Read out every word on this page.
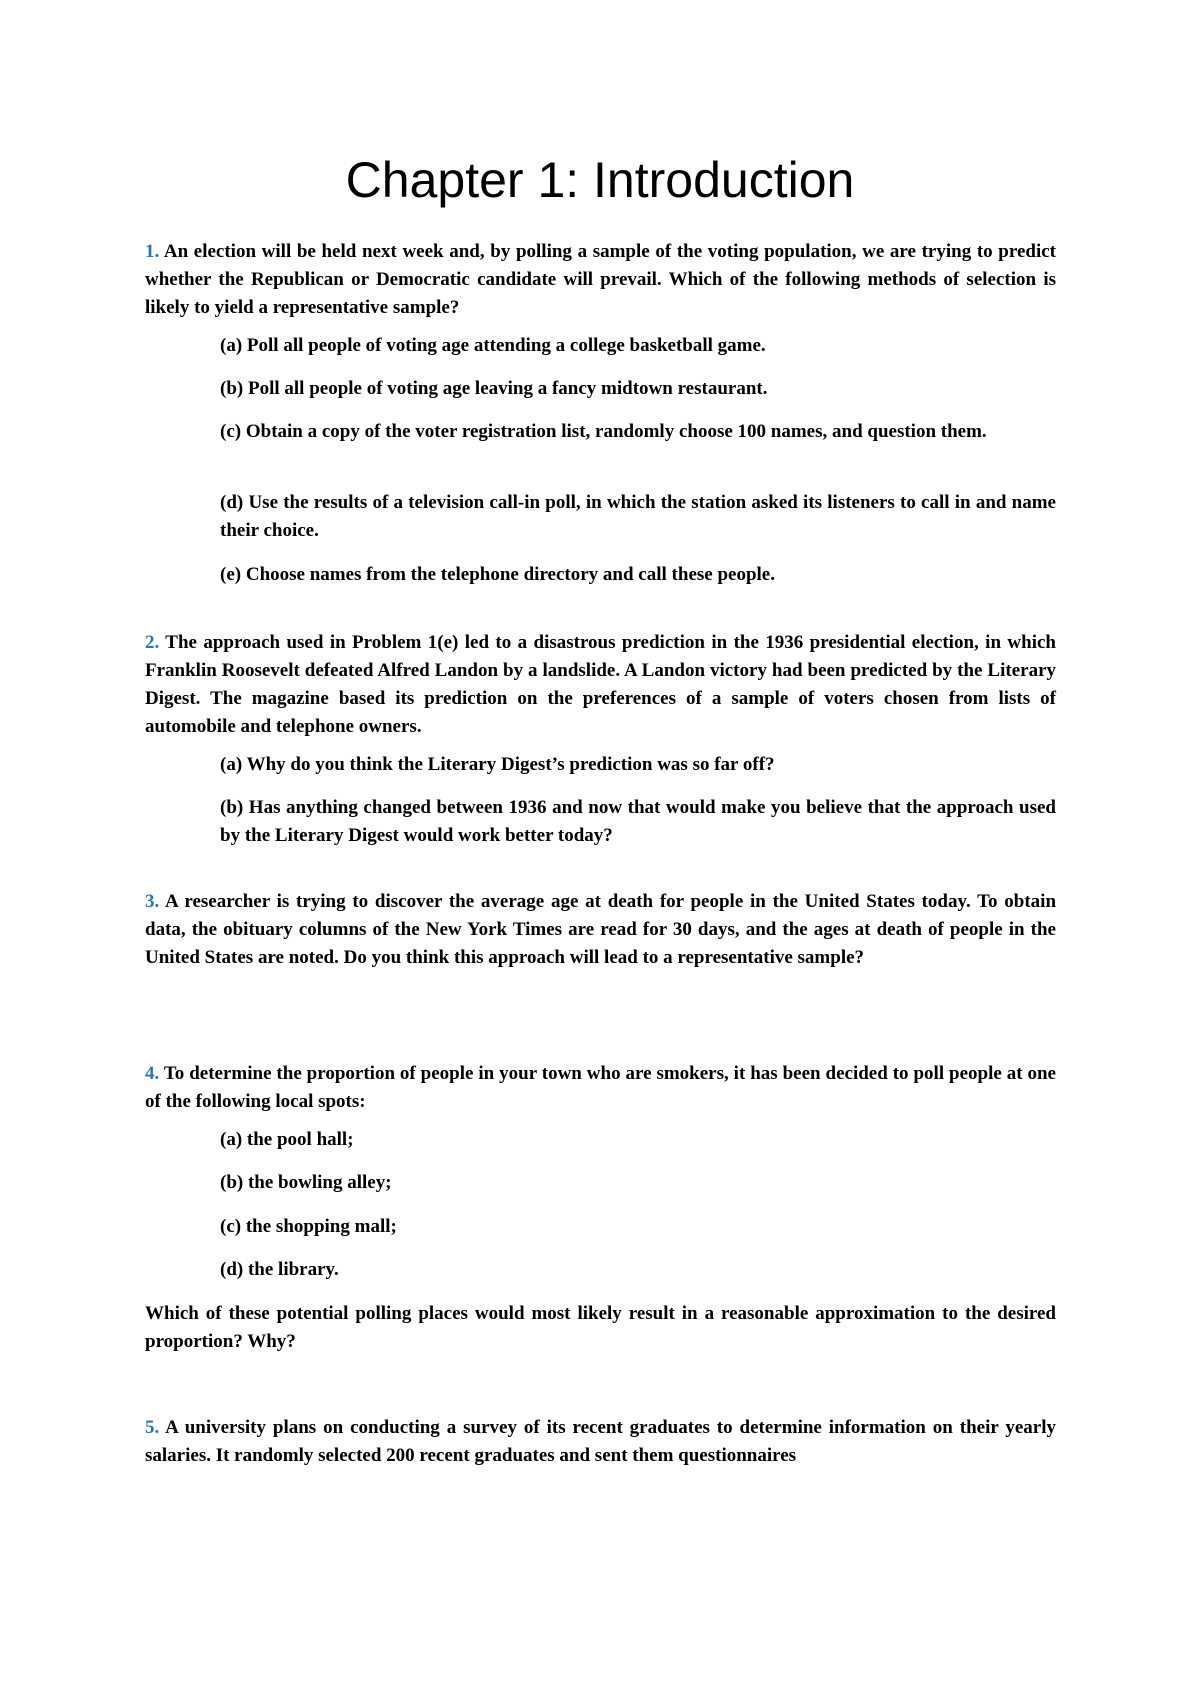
Chapter 1: Introduction

1. An election will be held next week and, by polling a sample of the voting population, we are trying to predict whether the Republican or Democratic candidate will prevail. Which of the following methods of selection is likely to yield a representative sample?

(a) Poll all people of voting age attending a college basketball game.

(b) Poll all people of voting age leaving a fancy midtown restaurant.

(c) Obtain a copy of the voter registration list, randomly choose 100 names, and question them.

(d) Use the results of a television call-in poll, in which the station asked its listeners to call in and name their choice.

(e) Choose names from the telephone directory and call these people.

2. The approach used in Problem 1(e) led to a disastrous prediction in the 1936 presidential election, in which Franklin Roosevelt defeated Alfred Landon by a landslide. A Landon victory had been predicted by the Literary Digest. The magazine based its prediction on the preferences of a sample of voters chosen from lists of automobile and telephone owners.

(a) Why do you think the Literary Digest’s prediction was so far off?

(b) Has anything changed between 1936 and now that would make you believe that the approach used by the Literary Digest would work better today?

3. A researcher is trying to discover the average age at death for people in the United States today. To obtain data, the obituary columns of the New York Times are read for 30 days, and the ages at death of people in the United States are noted. Do you think this approach will lead to a representative sample?

4. To determine the proportion of people in your town who are smokers, it has been decided to poll people at one of the following local spots:

(a) the pool hall;

(b) the bowling alley;

(c) the shopping mall;

(d) the library.

Which of these potential polling places would most likely result in a reasonable approximation to the desired proportion? Why?

5. A university plans on conducting a survey of its recent graduates to determine information on their yearly salaries. It randomly selected 200 recent graduates and sent them questionnaires
